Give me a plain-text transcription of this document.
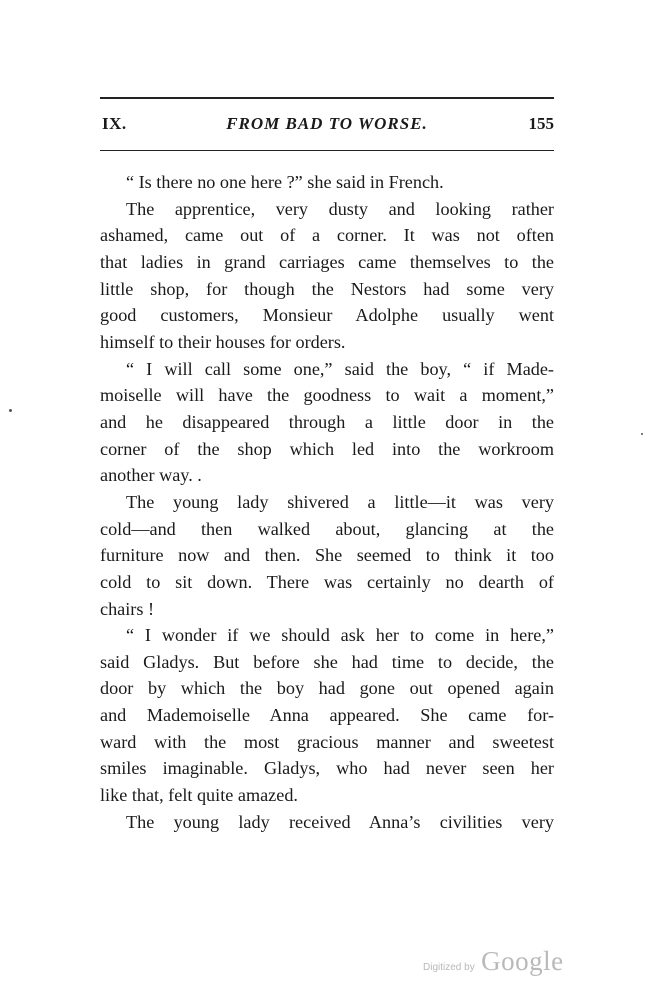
IX.	FROM BAD TO WORSE.	155
“ Is there no one here ?” she said in French.
The apprentice, very dusty and looking rather
ashamed, came out of a corner. It was not often
that ladies in grand carriages came themselves to the
little shop, for though the Nestors had some very
good customers, Monsieur Adolphe usually went
himself to their houses for orders.
“ I will call some one,” said the boy, “ if Made-
moiselle will have the goodness to wait a moment,”
and he disappeared through a little door in the
corner of the shop which led into the workroom
another way. .
The young lady shivered a little—it was very
cold—and then walked about, glancing at the
furniture now and then. She seemed to think it too
cold to sit down. There was certainly no dearth of
chairs !
“ I wonder if we should ask her to come in here,”
said Gladys. But before she had time to decide, the
door by which the boy had gone out opened again
and Mademoiselle Anna appeared. She came for-
ward with the most gracious manner and sweetest
smiles imaginable. Gladys, who had never seen her
like that, felt quite amazed.
The young lady received Anna’s civilities very
Digitized by Google
